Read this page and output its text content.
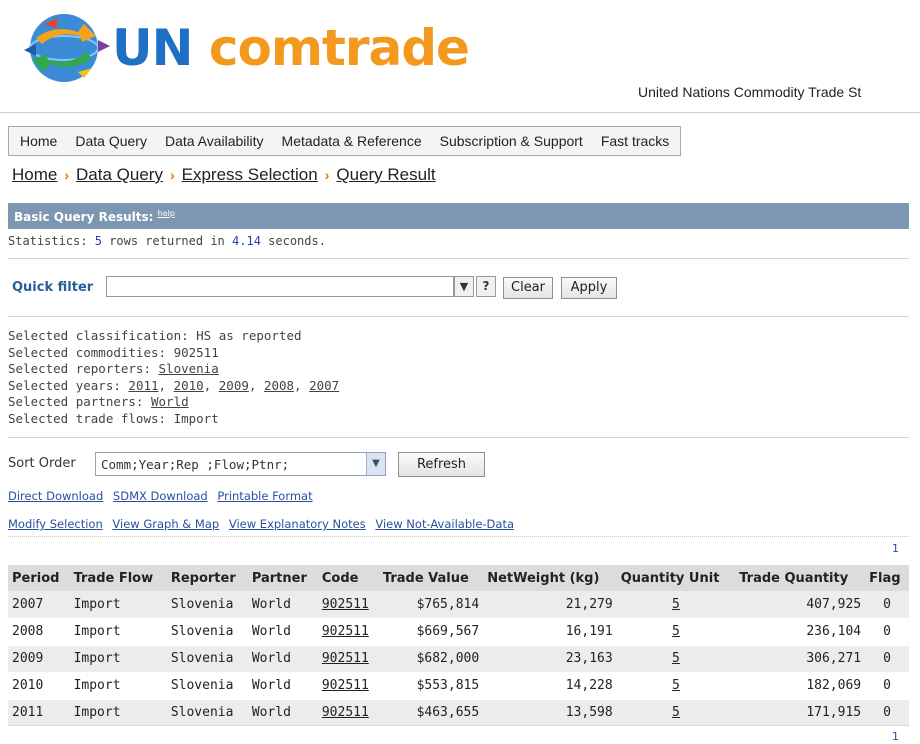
UN comtrade
United Nations Commodity Trade St
Home	Data Query	Data Availability	Metadata & Reference	Subscription & Support	Fast tracks
Home › Data Query › Express Selection › Query Result
Basic Query Results: $^{help}$
Statistics: 5 rows returned in 4.14 seconds.
Quick filter	▼	?	Clear	Apply
Selected classification: HS as reported
Selected commodities: 902511
Selected reporters: Slovenia
Selected years: 2011, 2010, 2009, 2008, 2007
Selected partners: World
Selected trade flows: Import
Sort Order	Comm;Year;Rep ;Flow;Ptnr;	▼	Refresh
Direct Download SDMX Download Printable Format
Modify Selection View Graph & Map View Explanatory Notes View Not-Available-Data
1
Period	Trade Flow	Reporter	Partner	Code	Trade Value	NetWeight (kg)	Quantity Unit	Trade Quantity	Flag
2007	Import	Slovenia	World	902511	$765,814	21,279	5	407,925	0
2008	Import	Slovenia	World	902511	$669,567	16,191	5	236,104	0
2009	Import	Slovenia	World	902511	$682,000	23,163	5	306,271	0
2010	Import	Slovenia	World	902511	$553,815	14,228	5	182,069	0
2011	Import	Slovenia	World	902511	$463,655	13,598	5	171,915	0
1
